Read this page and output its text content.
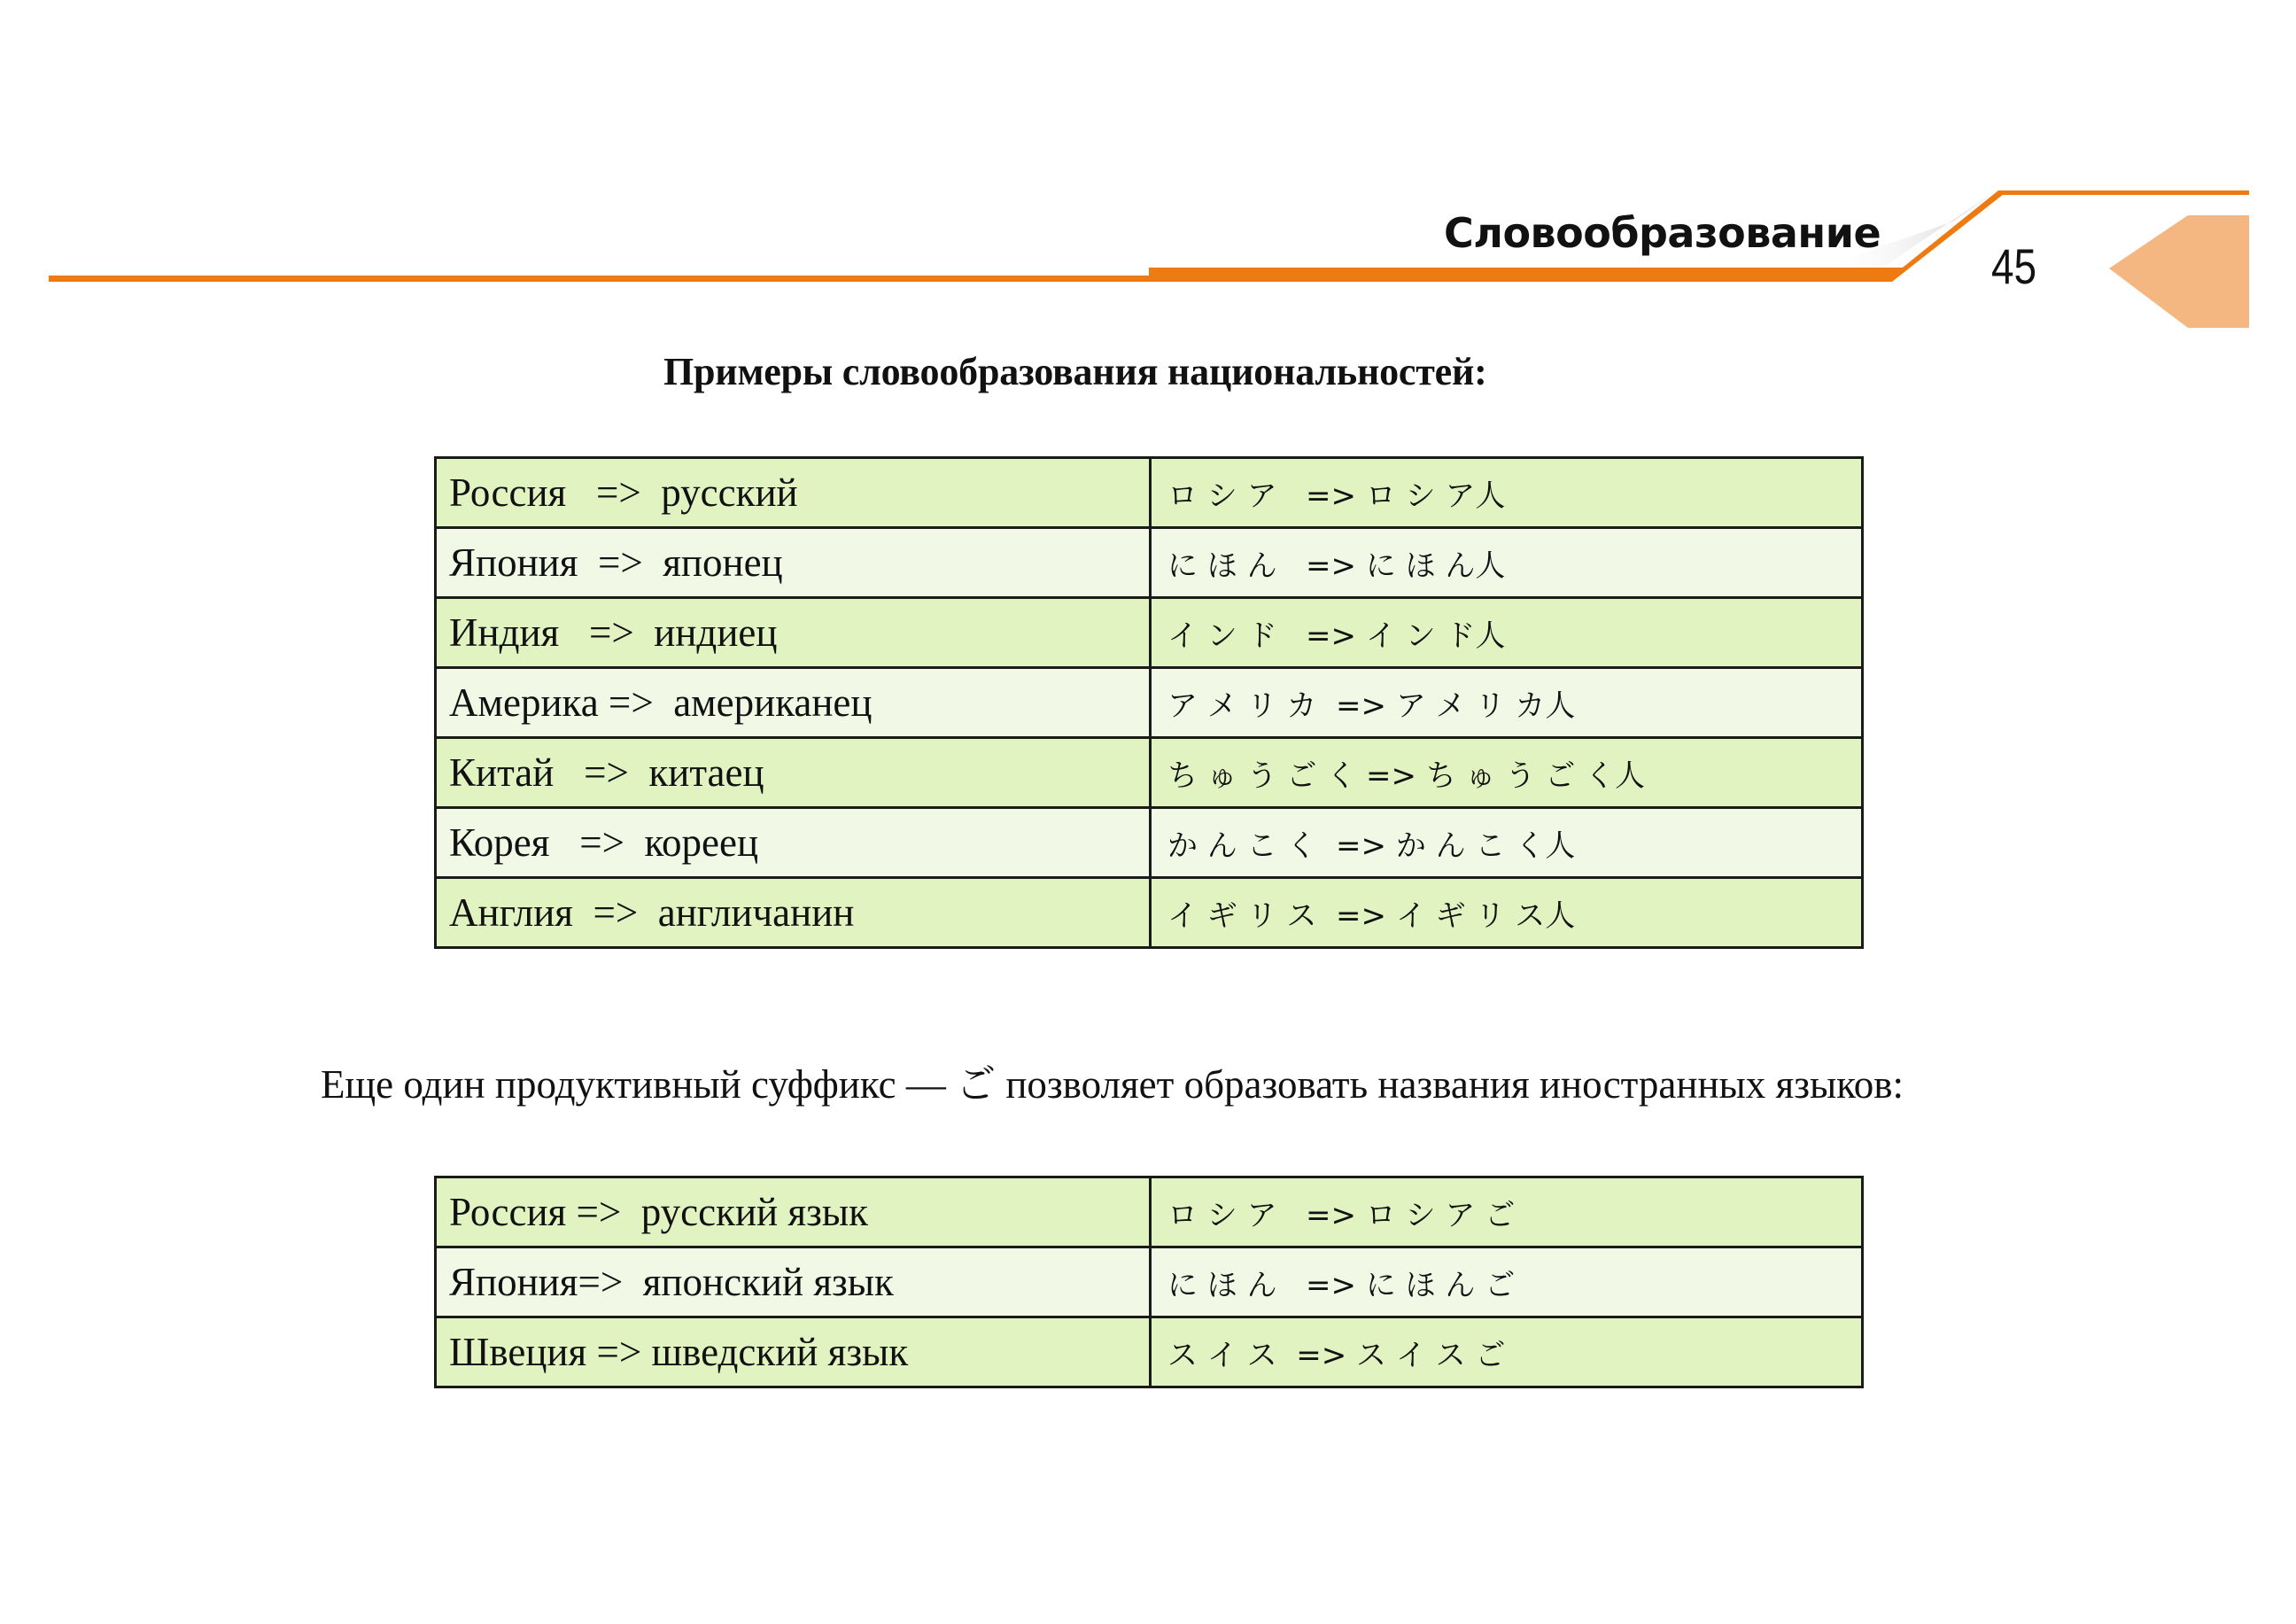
Словообразование
45
Примеры словообразования национальностей:
Россия   =>  русский	ロ シ ア   => ロ シ ア人
Япония  =>  японец	に ほ ん   => に ほ ん人
Индия   =>  индиец	イ ン ド   => イ ン ド人
Америка =>  американец	ア メ リ カ  => ア メ リ カ人
Китай   =>  китаец	ち ゅ う ご く => ち ゅ う ご く人
Корея   =>  кореец	か ん こ く  => か ん こ く人
Англия  =>  англичанин	イ ギ リ ス  => イ ギ リ ス人

Еще один продуктивный суффикс — ご позволяет образовать названия иностранных языков:

Россия =>  русский язык	ロ シ ア   => ロ シ ア ご
Япония=>  японский язык	に ほ ん   => に ほ ん ご
Швеция => шведский язык	ス イ ス  => ス イ ス ご
